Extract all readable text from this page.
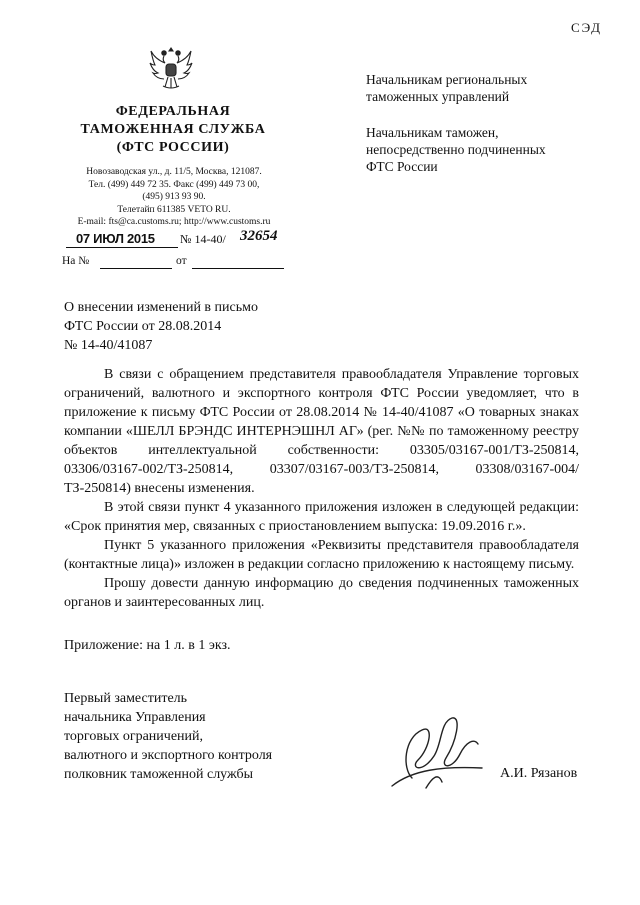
СЭД
ФЕДЕРАЛЬНАЯ
ТАМОЖЕННАЯ СЛУЖБА
(ФТС РОССИИ)
Новозаводская ул., д. 11/5, Москва, 121087.
Тел. (499) 449 72 35. Факс (499) 449 73 00,
(495) 913 93 90.
Телетайп 611385 VETO RU.
E-mail: fts@ca.customs.ru; http://www.customs.ru
07 ИЮЛ 2015 № 14-40/ 32654
На №	от
Начальникам региональных
таможенных управлений
Начальникам таможен,
непосредственно подчиненных
ФТС России
О внесении изменений в письмо
ФТС России от 28.08.2014
№ 14-40/41087

В связи с обращением представителя правообладателя Управление торговых ограничений, валютного и экспортного контроля ФТС России уведомляет, что в приложение к письму ФТС России от 28.08.2014 № 14-40/41087 «О товарных знаках компании «ШЕЛЛ БРЭНДС ИНТЕРНЭШНЛ АГ» (рег. №№ по таможенному реестру объектов интеллектуальной собственности: 03305/03167-001/ТЗ-250814, 03306/03167-002/ТЗ-250814, 03307/03167-003/ТЗ-250814, 03308/03167-004/ТЗ-250814) внесены изменения.

В этой связи пункт 4 указанного приложения изложен в следующей редакции: «Срок принятия мер, связанных с приостановлением выпуска: 19.09.2016 г.».

Пункт 5 указанного приложения «Реквизиты представителя правообладателя (контактные лица)» изложен в редакции согласно приложению к настоящему письму.

Прошу довести данную информацию до сведения подчиненных таможенных органов и заинтересованных лиц.

Приложение: на 1 л. в 1 экз.
Первый заместитель
начальника Управления
торговых ограничений,
валютного и экспортного контроля
полковник таможенной службы	А.И. Рязанов
